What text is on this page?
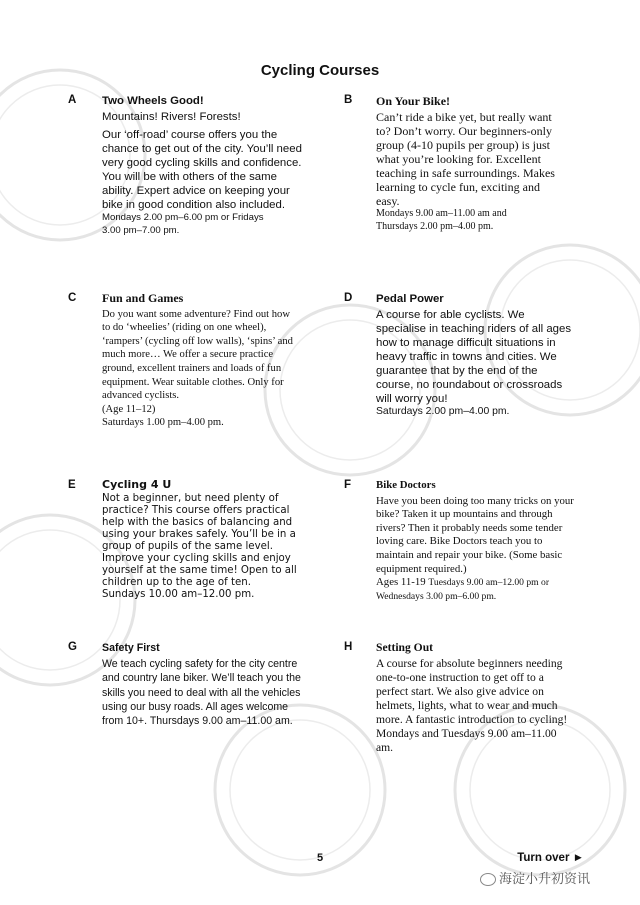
Cycling Courses
A Two Wheels Good!

Mountains! Rivers! Forests!

Our ‘off-road’ course offers you the chance to get out of the city. You’ll need very good cycling skills and confidence. You will be with others of the same ability. Expert advice on keeping your bike in good condition also included.

Mondays 2.00 pm–6.00 pm or Fridays 3.00 pm–7.00 pm.

B On Your Bike!

Can’t ride a bike yet, but really want to? Don’t worry. Our beginners-only group (4-10 pupils per group) is just what you’re looking for. Excellent teaching in safe surroundings. Makes learning to cycle fun, exciting and easy.

Mondays 9.00 am–11.00 am and Thursdays 2.00 pm–4.00 pm.

C Fun and Games

Do you want some adventure? Find out how to do ‘wheelies’ (riding on one wheel), ‘rampers’ (cycling off low walls), ‘spins’ and much more… We offer a secure practice ground, excellent trainers and loads of fun equipment. Wear suitable clothes. Only for advanced cyclists.

(Age 11–12)

Saturdays 1.00 pm–4.00 pm.

D Pedal Power

A course for able cyclists. We specialise in teaching riders of all ages how to manage difficult situations in heavy traffic in towns and cities. We guarantee that by the end of the course, no roundabout or crossroads will worry you!

Saturdays 2.00 pm–4.00 pm.

E Cycling 4 U

Not a beginner, but need plenty of practice? This course offers practical help with the basics of balancing and using your brakes safely. You’ll be in a group of pupils of the same level. Improve your cycling skills and enjoy yourself at the same time! Open to all children up to the age of ten.

Sundays 10.00 am–12.00 pm.

F Bike Doctors

Have you been doing too many tricks on your bike? Taken it up mountains and through rivers? Then it probably needs some tender loving care. Bike Doctors teach you to maintain and repair your bike. (Some basic equipment required.)

Ages 11-19 Tuesdays 9.00 am–12.00 pm or Wednesdays 3.00 pm–6.00 pm.

G Safety First

We teach cycling safety for the city centre and country lane biker. We’ll teach you the skills you need to deal with all the vehicles using our busy roads. All ages welcome from 10+. Thursdays 9.00 am–11.00 am.

H Setting Out

A course for absolute beginners needing one-to-one instruction to get off to a perfect start. We also give advice on helmets, lights, what to wear and much more. A fantastic introduction to cycling! Mondays and Tuesdays 9.00 am–11.00 am.

5	Turn over ►
海淀小升初资讯
